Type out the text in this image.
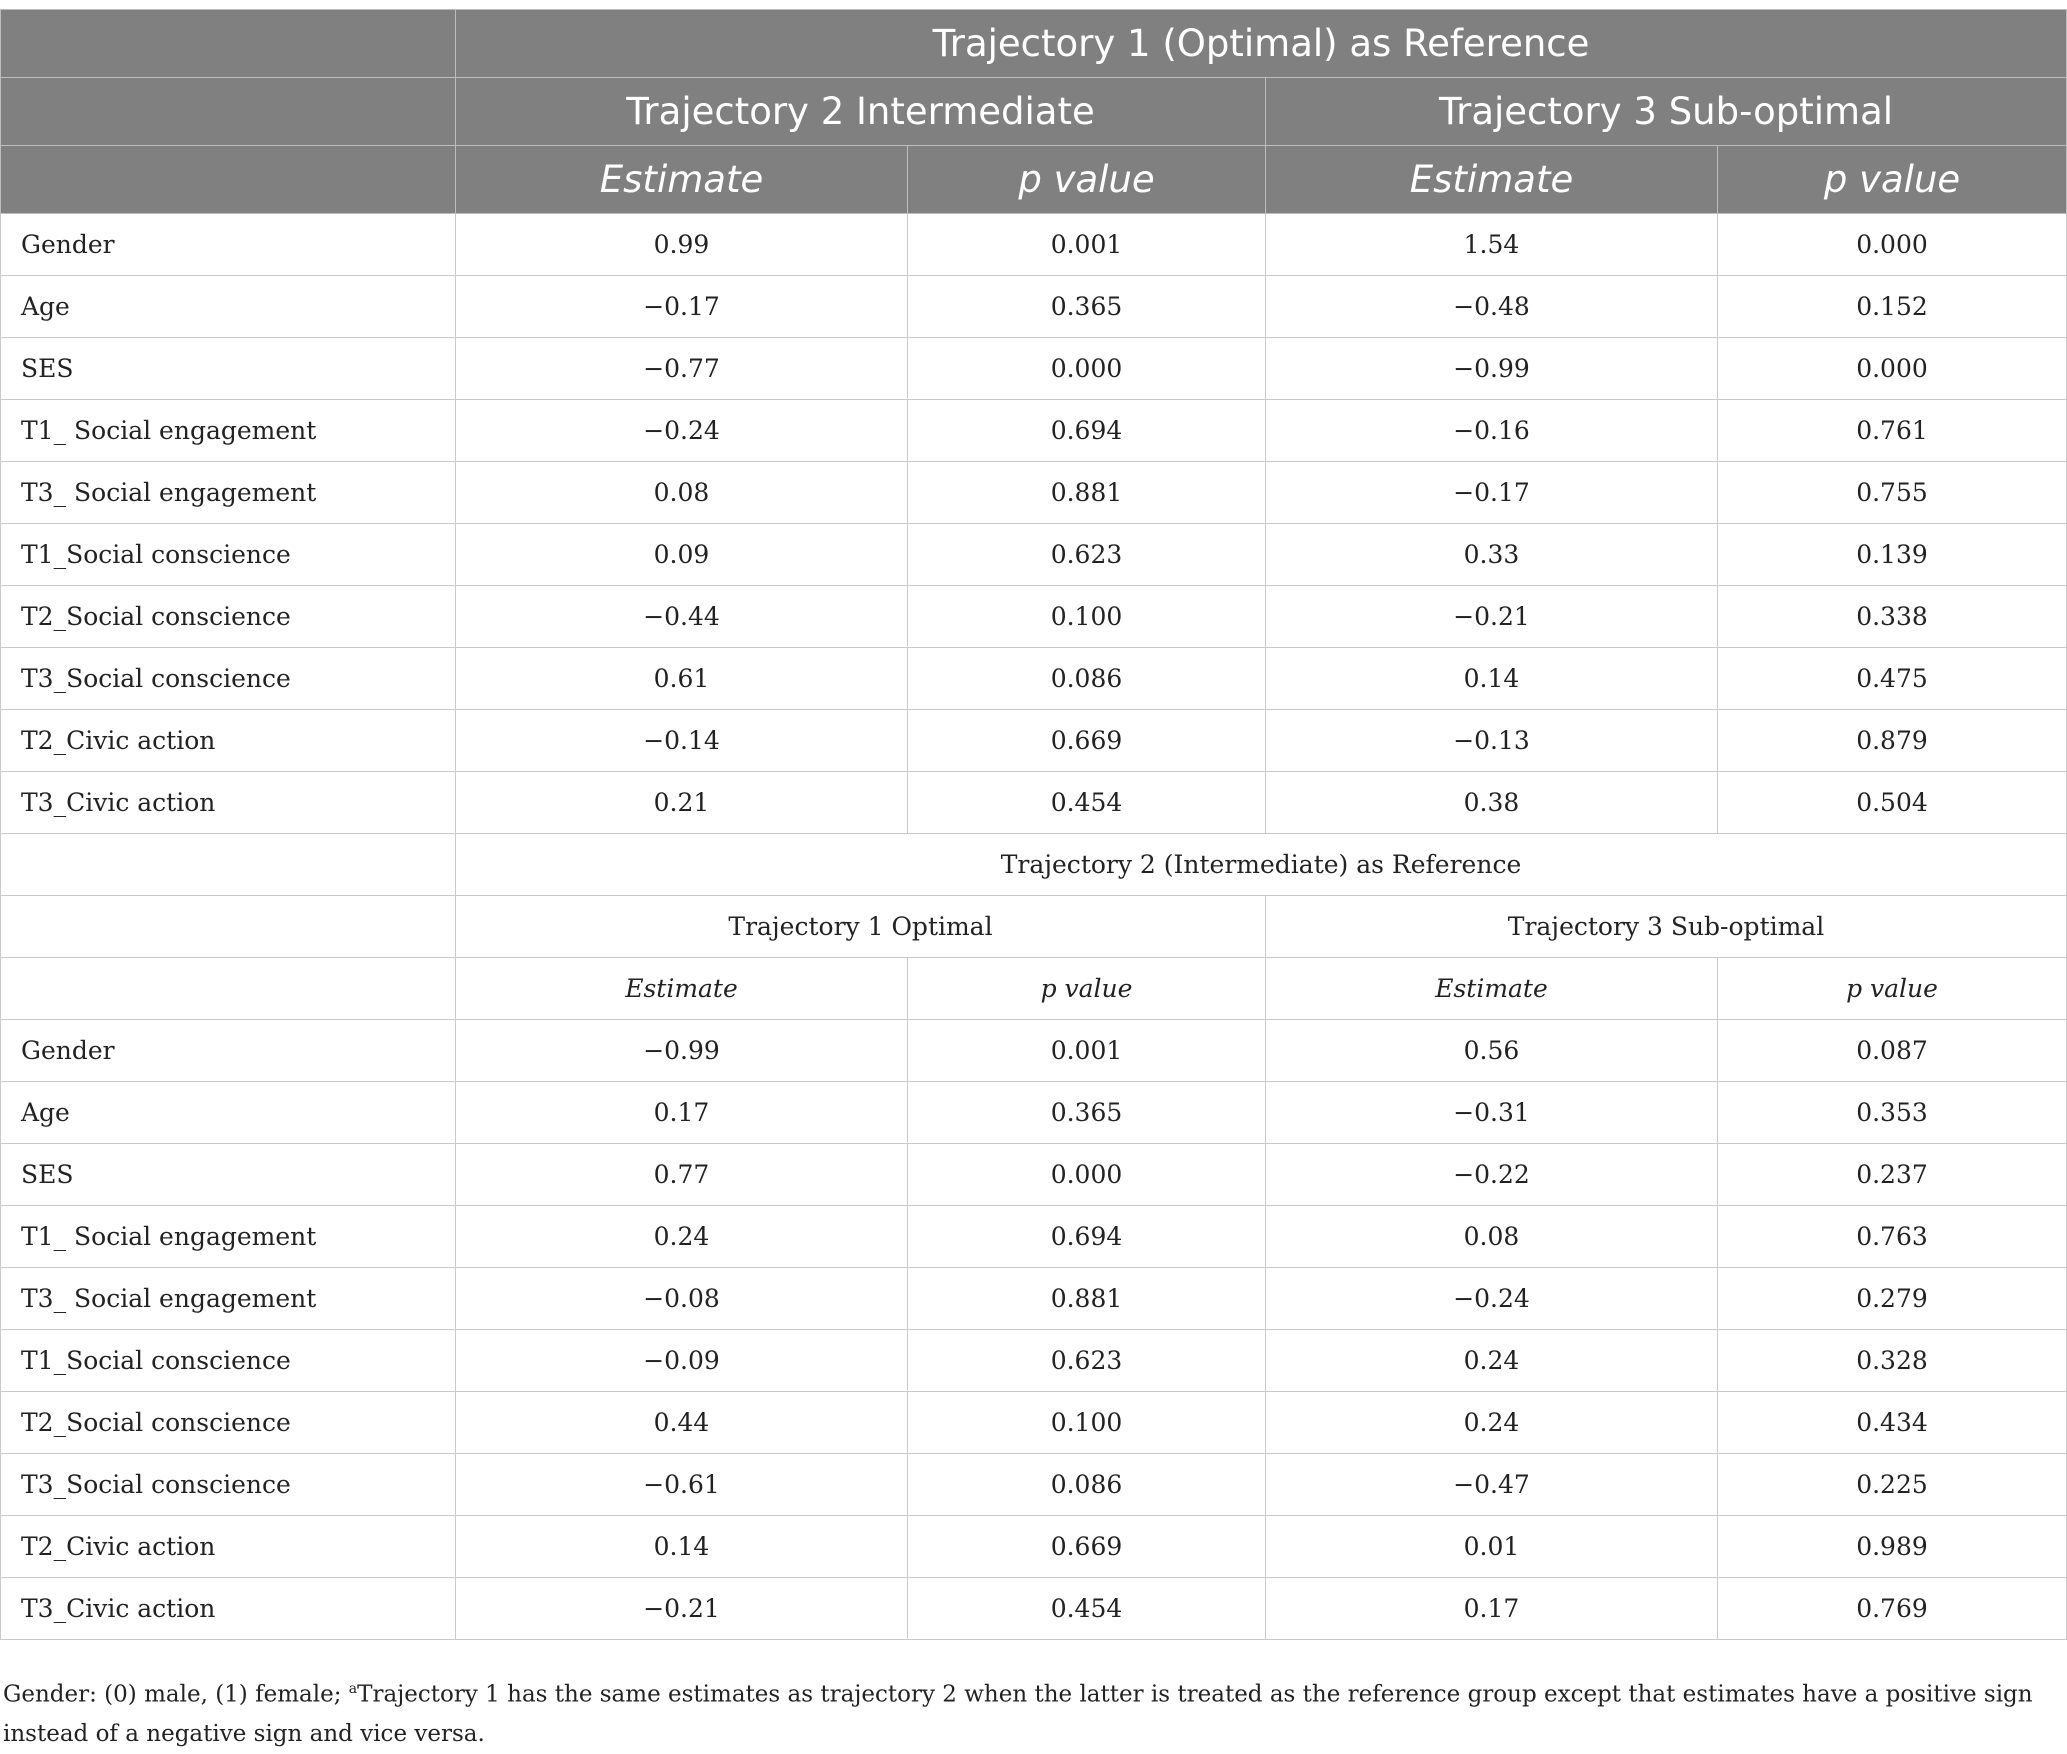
	Trajectory 1 (Optimal) as Reference			
	Trajectory 2 Intermediate		Trajectory 3 Sub-optimal	
	Estimate	p value	Estimate	p value
Gender	0.99	0.001	1.54	0.000
Age	−0.17	0.365	−0.48	0.152
SES	−0.77	0.000	−0.99	0.000
T1_ Social engagement	−0.24	0.694	−0.16	0.761
T3_ Social engagement	0.08	0.881	−0.17	0.755
T1_Social conscience	0.09	0.623	0.33	0.139
T2_Social conscience	−0.44	0.100	−0.21	0.338
T3_Social conscience	0.61	0.086	0.14	0.475
T2_Civic action	−0.14	0.669	−0.13	0.879
T3_Civic action	0.21	0.454	0.38	0.504
	Trajectory 2 (Intermediate) as Reference			
	Trajectory 1 Optimal		Trajectory 3 Sub-optimal	
	Estimate	p value	Estimate	p value
Gender	−0.99	0.001	0.56	0.087
Age	0.17	0.365	−0.31	0.353
SES	0.77	0.000	−0.22	0.237
T1_ Social engagement	0.24	0.694	0.08	0.763
T3_ Social engagement	−0.08	0.881	−0.24	0.279
T1_Social conscience	−0.09	0.623	0.24	0.328
T2_Social conscience	0.44	0.100	0.24	0.434
T3_Social conscience	−0.61	0.086	−0.47	0.225
T2_Civic action	0.14	0.669	0.01	0.989
T3_Civic action	−0.21	0.454	0.17	0.769
Gender: (0) male, (1) female; $^a$Trajectory 1 has the same estimates as trajectory 2 when the latter is treated as the reference group except that estimates have a positive sign instead of a negative sign and vice versa.
